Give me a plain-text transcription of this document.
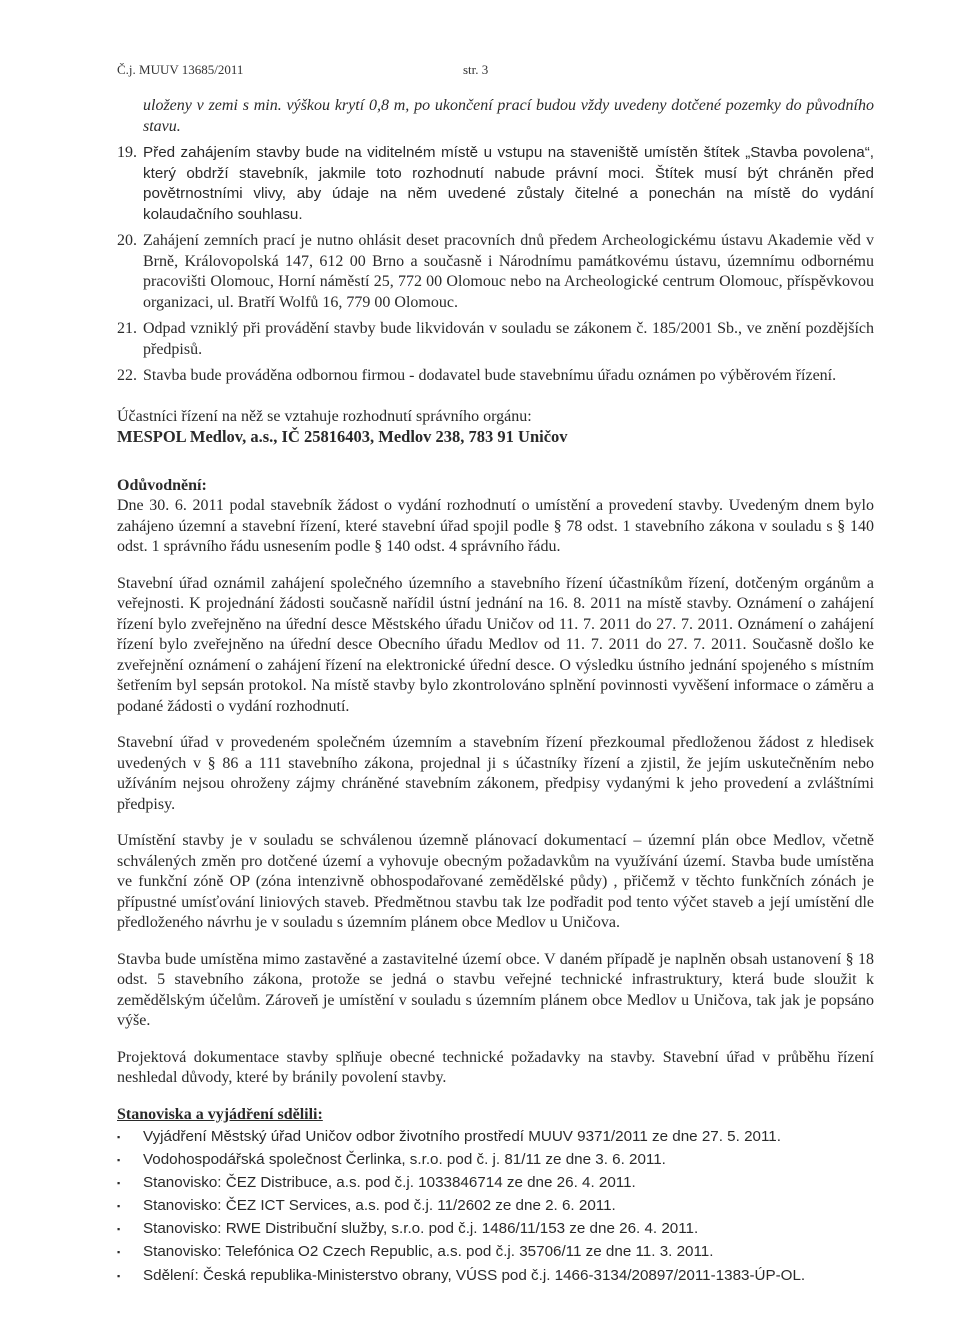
Č.j. MUUV 13685/2011	str. 3
uloženy v zemi s min. výškou krytí 0,8 m, po ukončení prací budou vždy uvedeny dotčené pozemky do původního stavu.
19. Před zahájením stavby bude na viditelném místě u vstupu na staveniště umístěn štítek „Stavba povolena“, který obdrží stavebník, jakmile toto rozhodnutí nabude právní moci. Štítek musí být chráněn před povětrnostními vlivy, aby údaje na něm uvedené zůstaly čitelné a ponechán na místě do vydání kolaudačního souhlasu.
20. Zahájení zemních prací je nutno ohlásit deset pracovních dnů předem Archeologickému ústavu Akademie věd v Brně, Královopolská 147, 612 00 Brno a současně i Národnímu památkovému ústavu, územnímu odbornému pracovišti Olomouc, Horní náměstí 25, 772 00 Olomouc nebo na Archeologické centrum Olomouc, příspěvkovou organizaci, ul. Bratří Wolfů 16, 779 00 Olomouc.
21. Odpad vzniklý při provádění stavby bude likvidován v souladu se zákonem č. 185/2001 Sb., ve znění pozdějších předpisů.
22. Stavba bude prováděna odbornou firmou - dodavatel bude stavebnímu úřadu oznámen po výběrovém řízení.
Účastníci řízení na něž se vztahuje rozhodnutí správního orgánu:
MESPOL Medlov, a.s., IČ 25816403, Medlov 238, 783 91 Uničov
Odůvodnění:
Dne 30. 6. 2011 podal stavebník žádost o vydání rozhodnutí o umístění a provedení stavby. Uvedeným dnem bylo zahájeno územní a stavební řízení, které stavební úřad spojil podle § 78 odst. 1 stavebního zákona v souladu s § 140 odst. 1 správního řádu usnesením podle § 140 odst. 4 správního řádu.
Stavební úřad oznámil zahájení společného územního a stavebního řízení účastníkům řízení, dotčeným orgánům a veřejnosti. K projednání žádosti současně nařídil ústní jednání na 16. 8. 2011 na místě stavby. Oznámení o zahájení řízení bylo zveřejněno na úřední desce Městského úřadu Uničov od 11. 7. 2011 do 27. 7. 2011. Oznámení o zahájení řízení bylo zveřejněno na úřední desce Obecního úřadu Medlov od 11. 7. 2011 do 27. 7. 2011. Současně došlo ke zveřejnění oznámení o zahájení řízení na elektronické úřední desce. O výsledku ústního jednání spojeného s místním šetřením byl sepsán protokol. Na místě stavby bylo zkontrolováno splnění povinnosti vyvěšení informace o záměru a podané žádosti o vydání rozhodnutí.
Stavební úřad v provedeném společném územním a stavebním řízení přezkoumal předloženou žádost z hledisek uvedených v § 86 a 111 stavebního zákona, projednal ji s účastníky řízení a zjistil, že jejím uskutečněním nebo užíváním nejsou ohroženy zájmy chráněné stavebním zákonem, předpisy vydanými k jeho provedení a zvláštními předpisy.
Umístění stavby je v souladu se schválenou územně plánovací dokumentací – územní plán obce Medlov, včetně schválených změn pro dotčené území a vyhovuje obecným požadavkům na využívání území. Stavba bude umístěna ve funkční zóně OP (zóna intenzivně obhospodařované zemědělské půdy) , přičemž v těchto funkčních zónách je přípustné umísťování liniových staveb. Předmětnou stavbu tak lze podřadit pod tento výčet staveb a její umístění dle předloženého návrhu je v souladu s územním plánem obce Medlov u Uničova.
Stavba bude umístěna mimo zastavěné a zastavitelné území obce. V daném případě je naplněn obsah ustanovení § 18 odst. 5 stavebního zákona, protože se jedná o stavbu veřejné technické infrastruktury, která bude sloužit k zemědělským účelům. Zároveň je umístění v souladu s územním plánem obce Medlov u Uničova, tak jak je popsáno výše.
Projektová dokumentace stavby splňuje obecné technické požadavky na stavby. Stavební úřad v průběhu řízení neshledal důvody, které by bránily povolení stavby.
Stanoviska a vyjádření sdělili:
▪	Vyjádření Městský úřad Uničov odbor životního prostředí MUUV 9371/2011 ze dne 27. 5. 2011.
▪	Vodohospodářská společnost Čerlinka, s.r.o. pod č. j. 81/11 ze dne 3. 6. 2011.
▪	Stanovisko: ČEZ Distribuce, a.s. pod č.j. 1033846714 ze dne 26. 4. 2011.
▪	Stanovisko: ČEZ ICT Services, a.s. pod č.j. 11/2602 ze dne 2. 6. 2011.
▪	Stanovisko: RWE Distribuční služby, s.r.o. pod č.j. 1486/11/153 ze dne 26. 4. 2011.
▪	Stanovisko: Telefónica O2 Czech Republic, a.s. pod č.j. 35706/11 ze dne 11. 3. 2011.
▪	Sdělení: Česká republika-Ministerstvo obrany, VÚSS pod č.j. 1466-3134/20897/2011-1383-ÚP-OL.
